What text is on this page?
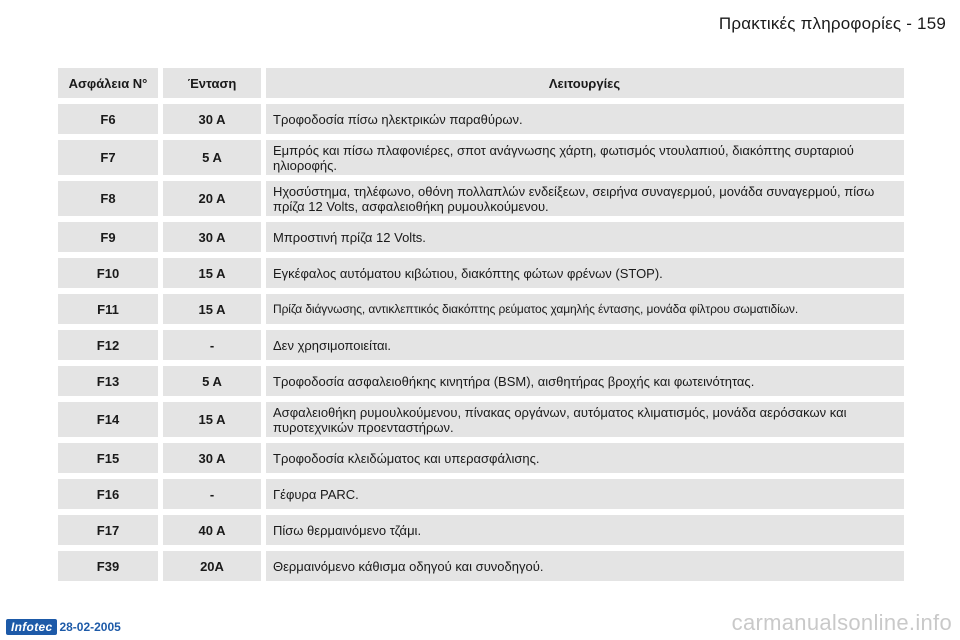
Πρακτικές πληροφορίες - 159
Ασφάλεια N°	Ένταση	Λειτουργίες
F6	30 A	Τροφοδοσία πίσω ηλεκτρικών παραθύρων.
F7	5 A	Εμπρός και πίσω πλαφονιέρες, σποτ ανάγνωσης χάρτη, φωτισμός ντουλαπιού, διακόπτης συρταριού ηλιοροφής.
F8	20 A	Ηχοσύστημα, τηλέφωνο, οθόνη πολλαπλών ενδείξεων, σειρήνα συναγερμού, μονάδα συναγερμού, πίσω πρίζα 12 Volts, ασφαλειοθήκη ρυμουλκούμενου.
F9	30 A	Μπροστινή πρίζα 12 Volts.
F10	15 A	Εγκέφαλος αυτόματου κιβώτιου, διακόπτης φώτων φρένων (STOP).
F11	15 A	Πρίζα διάγνωσης, αντικλεπτικός διακόπτης ρεύματος χαμηλής έντασης, μονάδα φίλτρου σωματιδίων.
F12	-	Δεν χρησιμοποιείται.
F13	5 A	Τροφοδοσία ασφαλειοθήκης κινητήρα (BSM), αισθητήρας βροχής και φωτεινότητας.
F14	15 A	Ασφαλειοθήκη ρυμουλκούμενου, πίνακας οργάνων, αυτόματος κλιματισμός, μονάδα αερόσακων και πυροτεχνικών προενταστήρων.
F15	30 A	Τροφοδοσία κλειδώματος και υπερασφάλισης.
F16	-	Γέφυρα PARC.
F17	40 A	Πίσω θερμαινόμενο τζάμι.
F39	20A	Θερμαινόμενο κάθισμα οδηγού και συνοδηγού.
Infotec 28-02-2005	carmanualsonline.info
